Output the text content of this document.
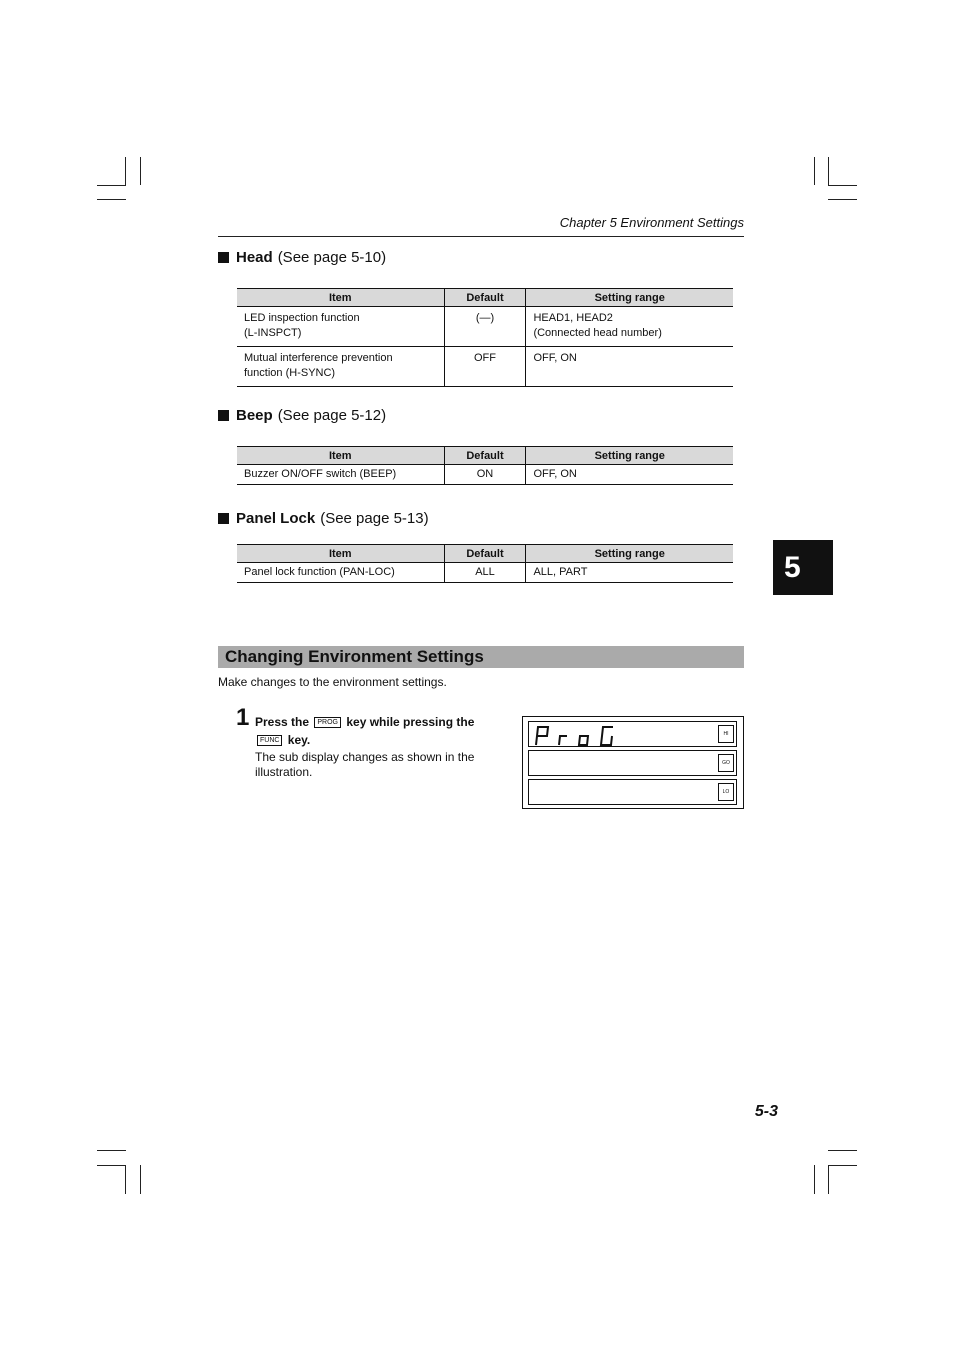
Chapter 5 Environment Settings
Head (See page 5-10)
Item	Default	Setting range
LED inspection function
(L-INSPCT)	(—)	HEAD1, HEAD2
(Connected head number)
Mutual interference prevention
function (H-SYNC)	OFF	OFF, ON
Beep (See page 5-12)
Item	Default	Setting range
Buzzer ON/OFF switch (BEEP)	ON	OFF, ON
Panel Lock (See page 5-13)
Item	Default	Setting range
Panel lock function (PAN-LOC)	ALL	ALL, PART	5
Changing Environment Settings
Make changes to the environment settings.
1 Press the PROG key while pressing the
FUNC key.
The sub display changes as shown in the illustration.
HI
GO
LO
5-3
